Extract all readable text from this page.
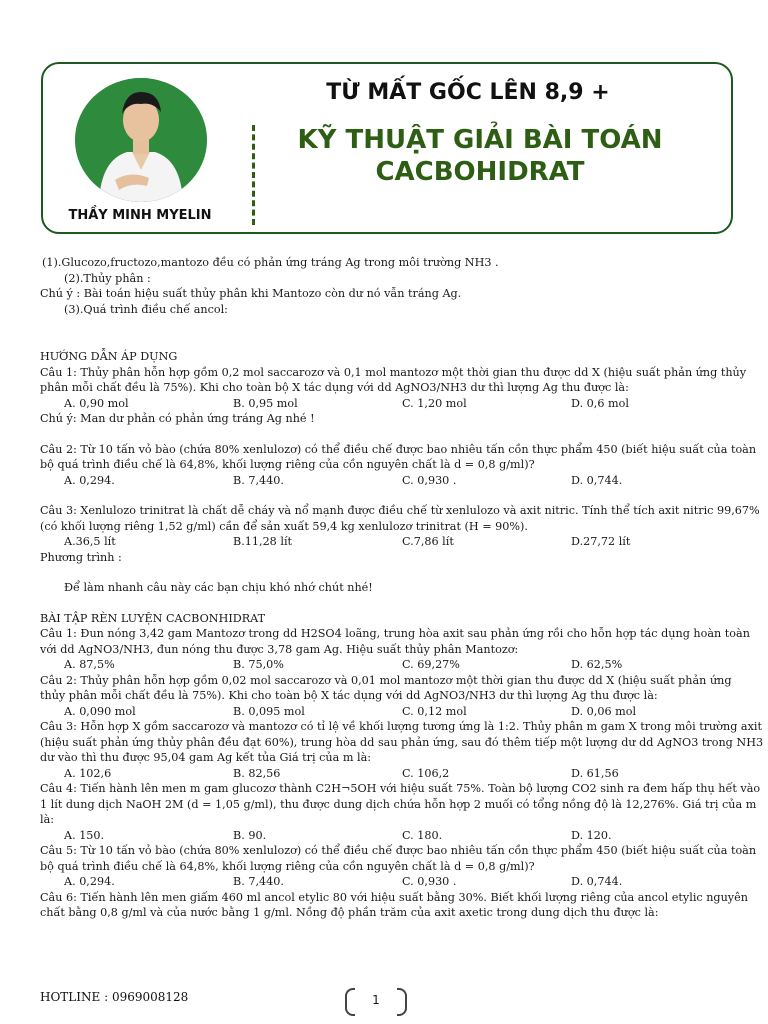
TỪ MẤT GỐC LÊN 8,9 +
KỸ THUẬT GIẢI BÀI TOÁN
CACBOHIDRAT
THẦY MINH MYELIN

(1).Glucozo,fructozo,mantozo đều có phản ứng tráng Ag trong môi trường NH3 .

(2).Thủy phân :

Chú ý : Bài toán hiệu suất thủy phân khi Mantozo còn dư nó vẫn tráng Ag.

(3).Quá trình điều chế ancol:

HƯỚNG DẪN ÁP DỤNG

Câu 1: Thủy phân hỗn hợp gồm 0,2 mol saccarozơ và 0,1 mol mantozơ một thời gian thu được dd X (hiệu suất phản ứng thủy

phân mỗi chất đều là 75%). Khi cho toàn bộ X tác dụng với dd AgNO3/NH3 dư thì lượng Ag thu được là:

A. 0,90 mol	B. 0,95 mol	C. 1,20 mol	D. 0,6 mol

Chú ý: Man dư phản có phản ứng tráng Ag nhé !

Câu 2: Từ 10 tấn vỏ bào (chứa 80% xenlulozơ) có thể điều chế được bao nhiêu tấn cồn thực phẩm 450 (biết hiệu suất của toàn

bộ quá trình điều chế là 64,8%, khối lượng riêng của cồn nguyên chất là d = 0,8 g/ml)?

A. 0,294.	B. 7,440.	C. 0,930 .	D. 0,744.

Câu 3: Xenlulozo trinitrat là chất dễ cháy và nổ mạnh được điều chế từ xenlulozo và axit nitric. Tính thể tích axit nitric 99,67%

(có khối lượng riêng 1,52 g/ml) cần để sản xuất 59,4 kg xenlulozơ trinitrat (H = 90%).

A.36,5 lít	B.11,28 lít	C.7,86 lít	D.27,72 lít

Phương trình :

Để làm nhanh câu này các bạn chịu khó nhớ chút nhé!

BÀI TẬP RÈN LUYỆN CACBONHIDRAT

Câu 1: Đun nóng 3,42 gam Mantozơ trong dd H2SO4 loãng, trung hòa axit sau phản ứng rồi cho hỗn hợp tác dụng hoàn toàn

với dd AgNO3/NH3, đun nóng thu được 3,78 gam Ag. Hiệu suất thủy phân Mantozơ:

A. 87,5%	B. 75,0%	C. 69,27%	D. 62,5%

Câu 2: Thủy phân hỗn hợp gồm 0,02 mol saccarozơ và 0,01 mol mantozơ một thời gian thu được dd X (hiệu suất phản ứng

thủy phân mỗi chất đều là 75%). Khi cho toàn bộ X tác dụng với dd AgNO3/NH3 dư thì lượng Ag thu được là:

A. 0,090 mol	B. 0,095 mol	C. 0,12 mol	D. 0,06 mol

Câu 3: Hỗn hợp X gồm saccarozơ và mantozơ có tỉ lệ về khối lượng tương ứng là 1:2. Thủy phân m gam X trong môi trường axit

(hiệu suất phản ứng thủy phân đều đạt 60%), trung hòa dd sau phản ứng, sau đó thêm tiếp một lượng dư dd AgNO3 trong NH3

dư vào thì thu được 95,04 gam Ag kết tủa Giá trị của m là:

A. 102,6	B. 82,56	C. 106,2	D. 61,56

Câu 4: Tiến hành lên men m gam glucozơ thành C2H¬5OH với hiệu suất 75%. Toàn bộ lượng CO2 sinh ra đem hấp thụ hết vào

1 lít dung dịch NaOH 2M (d = 1,05 g/ml), thu được dung dịch chứa hỗn hợp 2 muối có tổng nồng độ là 12,276%. Giá trị của m

là:

A. 150.	B. 90.	C. 180.	D. 120.

Câu 5: Từ 10 tấn vỏ bào (chứa 80% xenlulozơ) có thể điều chế được bao nhiêu tấn cồn thực phẩm 450 (biết hiệu suất của toàn

bộ quá trình điều chế là 64,8%, khối lượng riêng của cồn nguyên chất là d = 0,8 g/ml)?

A. 0,294.	B. 7,440.	C. 0,930 .	D. 0,744.

Câu 6: Tiến hành lên men giấm 460 ml ancol etylic 80 với hiệu suất bằng 30%. Biết khối lượng riêng của ancol etylic nguyên

chất bằng 0,8 g/ml và của nước bằng 1 g/ml. Nồng độ phần trăm của axit axetic trong dung dịch thu được là:

HOTLINE : 0969008128	1
